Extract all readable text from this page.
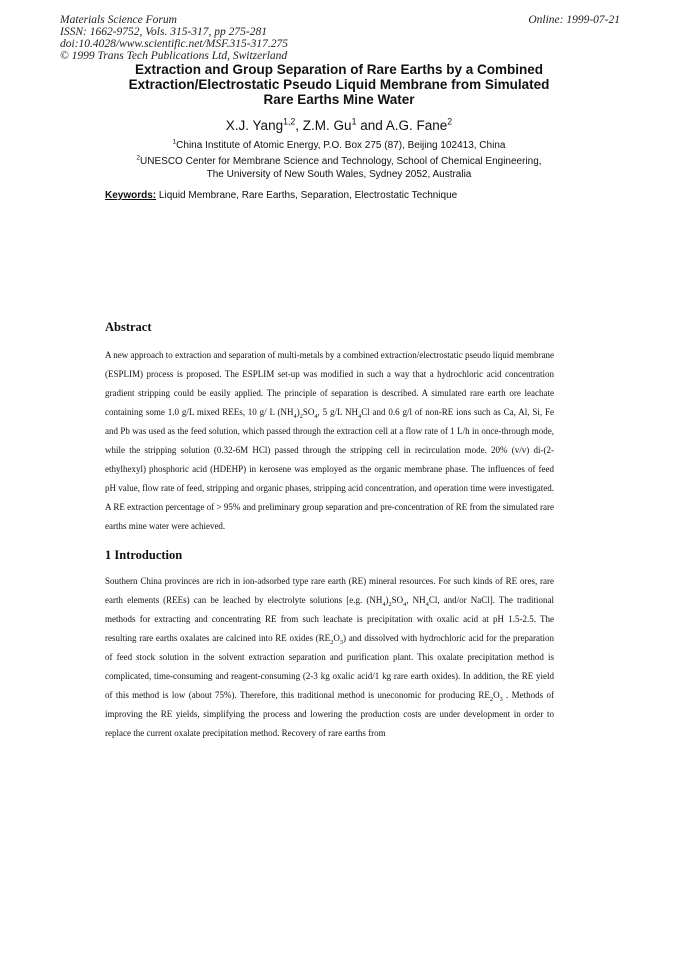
Materials Science Forum
ISSN: 1662-9752, Vols. 315-317, pp 275-281
doi:10.4028/www.scientific.net/MSF.315-317.275
© 1999 Trans Tech Publications Ltd, Switzerland
Online: 1999-07-21
Extraction and Group Separation of Rare Earths by a Combined
Extraction/Electrostatic Pseudo Liquid Membrane from Simulated
Rare Earths Mine Water
X.J. Yang$^{1,2}$, Z.M. Gu$^1$ and A.G. Fane$^2$
$^1$China Institute of Atomic Energy, P.O. Box 275 (87), Beijing 102413, China
$^2$UNESCO Center for Membrane Science and Technology, School of Chemical Engineering,
The University of New South Wales, Sydney 2052, Australia
Keywords: Liquid Membrane, Rare Earths, Separation, Electrostatic Technique
Abstract
A new approach to extraction and separation of multi-metals by a combined extraction/electrostatic pseudo liquid membrane (ESPLIM) process is proposed. The ESPLIM set-up was modified in such a way that a hydrochloric acid concentration gradient stripping could be easily applied. The principle of separation is described. A simulated rare earth ore leachate containing some 1.0 g/L mixed REEs, 10 g/ L $(NH_4)_2SO_4$, 5 g/L $NH_4Cl$ and 0.6 g/l of non-RE ions such as Ca, Al, Si, Fe and Pb was used as the feed solution, which passed through the extraction cell at a flow rate of 1 L/h in once-through mode, while the stripping solution (0.32-6M HCl) passed through the stripping cell in recirculation mode. 20% (v/v) di-(2-ethylhexyl) phosphoric acid (HDEHP) in kerosene was employed as the organic membrane phase. The influences of feed pH value, flow rate of feed, stripping and organic phases, stripping acid concentration, and operation time were investigated. A RE extraction percentage of > 95% and preliminary group separation and pre-concentration of RE from the simulated rare earths mine water were achieved.
1 Introduction
Southern China provinces are rich in ion-adsorbed type rare earth (RE) mineral resources. For such kinds of RE ores, rare earth elements (REEs) can be leached by electrolyte solutions [e.g. $(NH_4)_2SO_4$, $NH_4Cl$, and/or NaCl]. The traditional methods for extracting and concentrating RE from such leachate is precipitation with oxalic acid at pH 1.5-2.5. The resulting rare earths oxalates are calcined into RE oxides $(RE_2O_3)$ and dissolved with hydrochloric acid for the preparation of feed stock solution in the solvent extraction separation and purification plant. This oxalate precipitation method is complicated, time-consuming and reagent-consuming (2-3 kg oxalic acid/1 kg rare earth oxides). In addition, the RE yield of this method is low (about 75%). Therefore, this traditional method is uneconomic for producing $RE_2O_3$ . Methods of improving the RE yields, simplifying the process and lowering the production costs are under development in order to replace the current oxalate precipitation method. Recovery of rare earths from
